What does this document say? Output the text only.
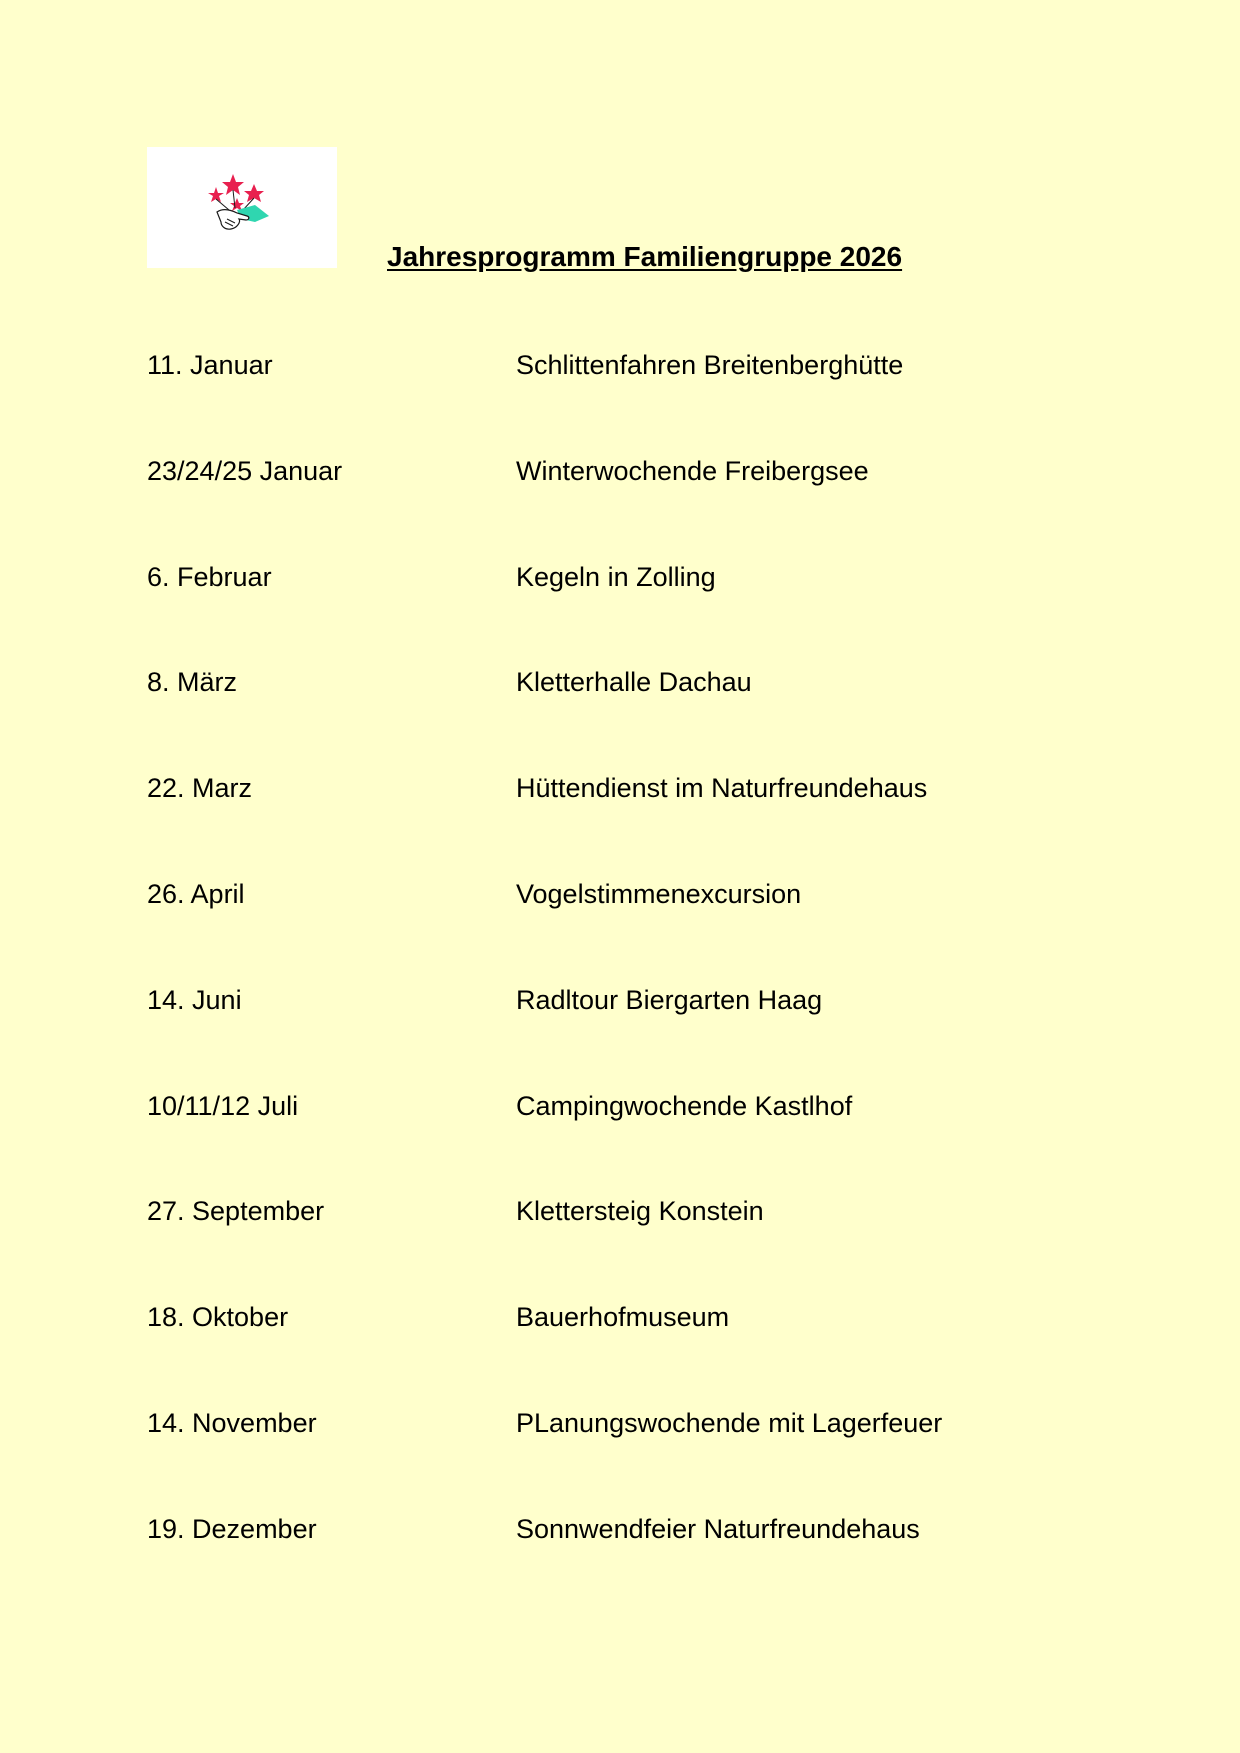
Jahresprogramm Familiengruppe 2026
11. Januar	Schlittenfahren Breitenberghütte
23/24/25 Januar	Winterwochende Freibergsee
6. Februar	Kegeln in Zolling
8. März	Kletterhalle Dachau
22. Marz	Hüttendienst im Naturfreundehaus
26. April	Vogelstimmenexcursion
14. Juni	Radltour Biergarten Haag
10/11/12 Juli	Campingwochende Kastlhof
27. September	Klettersteig Konstein
18. Oktober	Bauerhofmuseum
14. November	PLanungswochende mit Lagerfeuer
19. Dezember	Sonnwendfeier Naturfreundehaus
